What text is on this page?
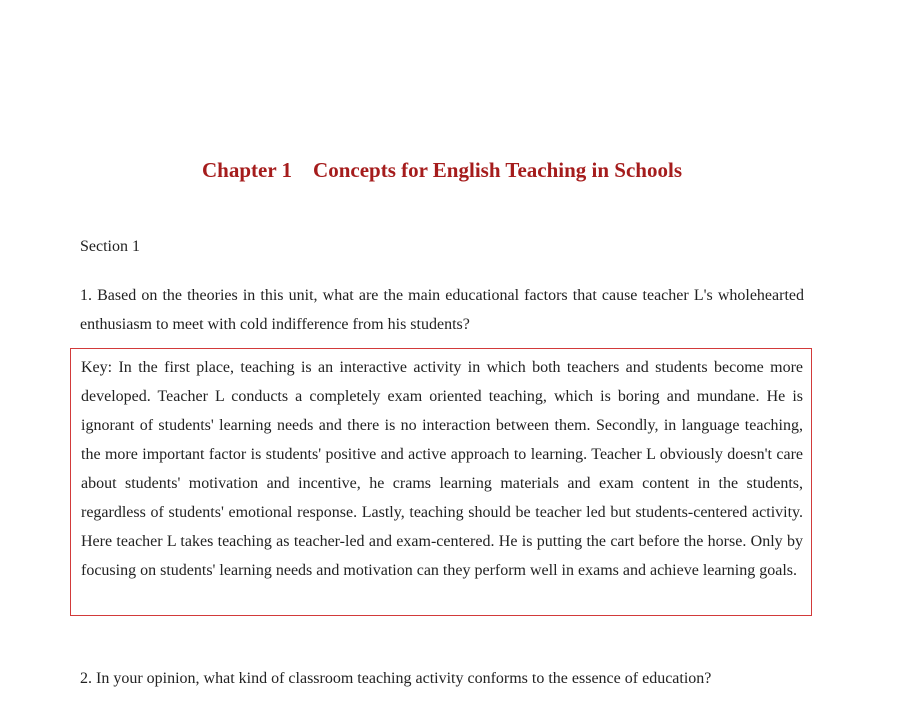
Chapter 1    Concepts for English Teaching in Schools
Section 1
1. Based on the theories in this unit, what are the main educational factors that cause teacher L's wholehearted enthusiasm to meet with cold indifference from his students?

Key: In the first place, teaching is an interactive activity in which both teachers and students become more developed. Teacher L conducts a completely exam oriented teaching, which is boring and mundane. He is ignorant of students' learning needs and there is no interaction between them. Secondly, in language teaching, the more important factor is students' positive and active approach to learning. Teacher L obviously doesn't care about students' motivation and incentive, he crams learning materials and exam content in the students, regardless of students' emotional response. Lastly, teaching should be teacher led but students-centered activity. Here teacher L takes teaching as teacher-led and exam-centered. He is putting the cart before the horse. Only by focusing on students' learning needs and motivation can they perform well in exams and achieve learning goals.

2. In your opinion, what kind of classroom teaching activity conforms to the essence of education?
